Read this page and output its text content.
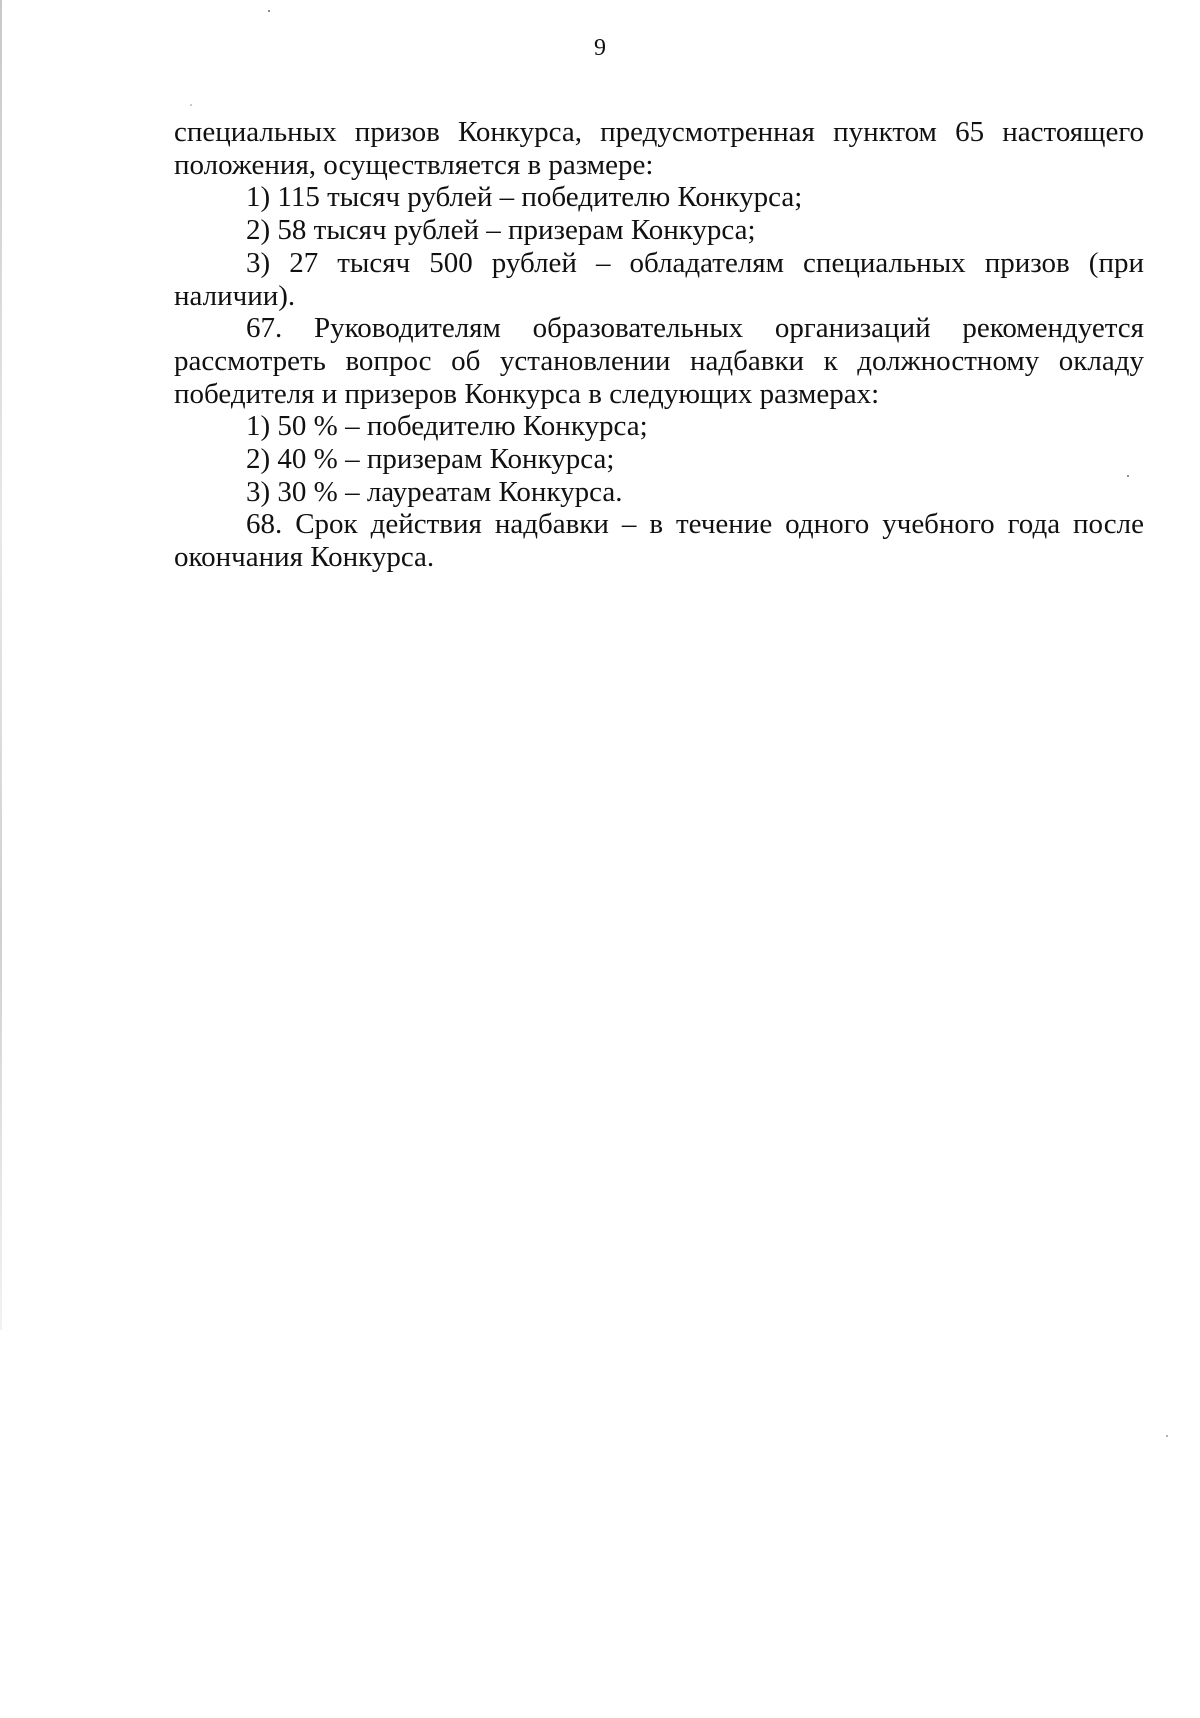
9

специальных призов Конкурса, предусмотренная пунктом 65 настоящего положения, осуществляется в размере:

1) 115 тысяч рублей – победителю Конкурса;

2) 58 тысяч рублей – призерам Конкурса;

3) 27 тысяч 500 рублей – обладателям специальных призов (при наличии).

67. Руководителям образовательных организаций рекомендуется рассмотреть вопрос об установлении надбавки к должностному окладу победителя и призеров Конкурса в следующих размерах:

1) 50 % – победителю Конкурса;

2) 40 % – призерам Конкурса;

3) 30 % – лауреатам Конкурса.

68. Срок действия надбавки – в течение одного учебного года после окончания Конкурса.
